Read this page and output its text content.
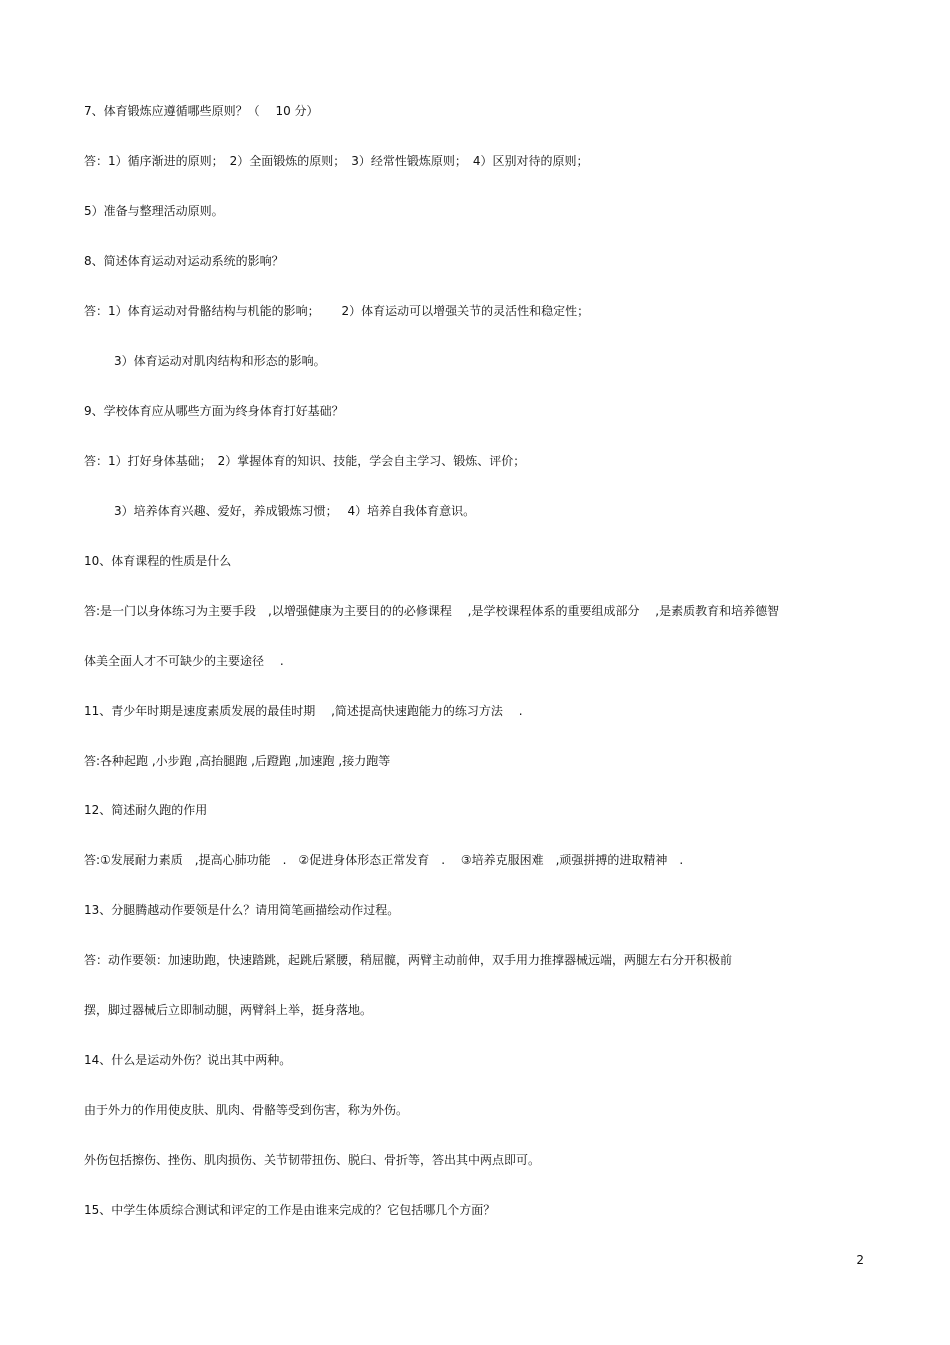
7、体育锻炼应遵循哪些原则？（　 10 分）
答：1）循序渐进的原则；　2）全面锻炼的原则；　3）经常性锻炼原则；　4）区别对待的原则；
5）准备与整理活动原则。
8、简述体育运动对运动系统的影响？
答：1）体育运动对骨骼结构与机能的影响；　　 2）体育运动可以增强关节的灵活性和稳定性；
3）体育运动对肌肉结构和形态的影响。
9、学校体育应从哪些方面为终身体育打好基础？
答：1）打好身体基础；　2）掌握体育的知识、技能，学会自主学习、锻炼、评价；
3）培养体育兴趣、爱好，养成锻炼习惯；　 4）培养自我体育意识。
10、体育课程的性质是什么
答:是一门以身体练习为主要手段　,以增强健康为主要目的的必修课程　 ,是学校课程体系的重要组成部分　 ,是素质教育和培养德智
体美全面人才不可缺少的主要途径　 .
11、青少年时期是速度素质发展的最佳时期　 ,简述提高快速跑能力的练习方法　 .
答:各种起跑 ,小步跑 ,高抬腿跑 ,后蹬跑 ,加速跑 ,接力跑等
12、简述耐久跑的作用
答:①发展耐力素质　,提高心肺功能　.　②促进身体形态正常发育　.　 ③培养克服困难　,顽强拼搏的进取精神　.
13、分腿腾越动作要领是什么？请用简笔画描绘动作过程。
答：动作要领：加速助跑，快速踏跳，起跳后紧腰，稍屈髋，两臂主动前伸，双手用力推撑器械远端，两腿左右分开积极前
摆，脚过器械后立即制动腿，两臂斜上举，挺身落地。
14、什么是运动外伤？说出其中两种。
由于外力的作用使皮肤、肌肉、骨骼等受到伤害，称为外伤。
外伤包括擦伤、挫伤、肌肉损伤、关节韧带扭伤、脱臼、骨折等，答出其中两点即可。
15、中学生体质综合测试和评定的工作是由谁来完成的？它包括哪几个方面？
2
